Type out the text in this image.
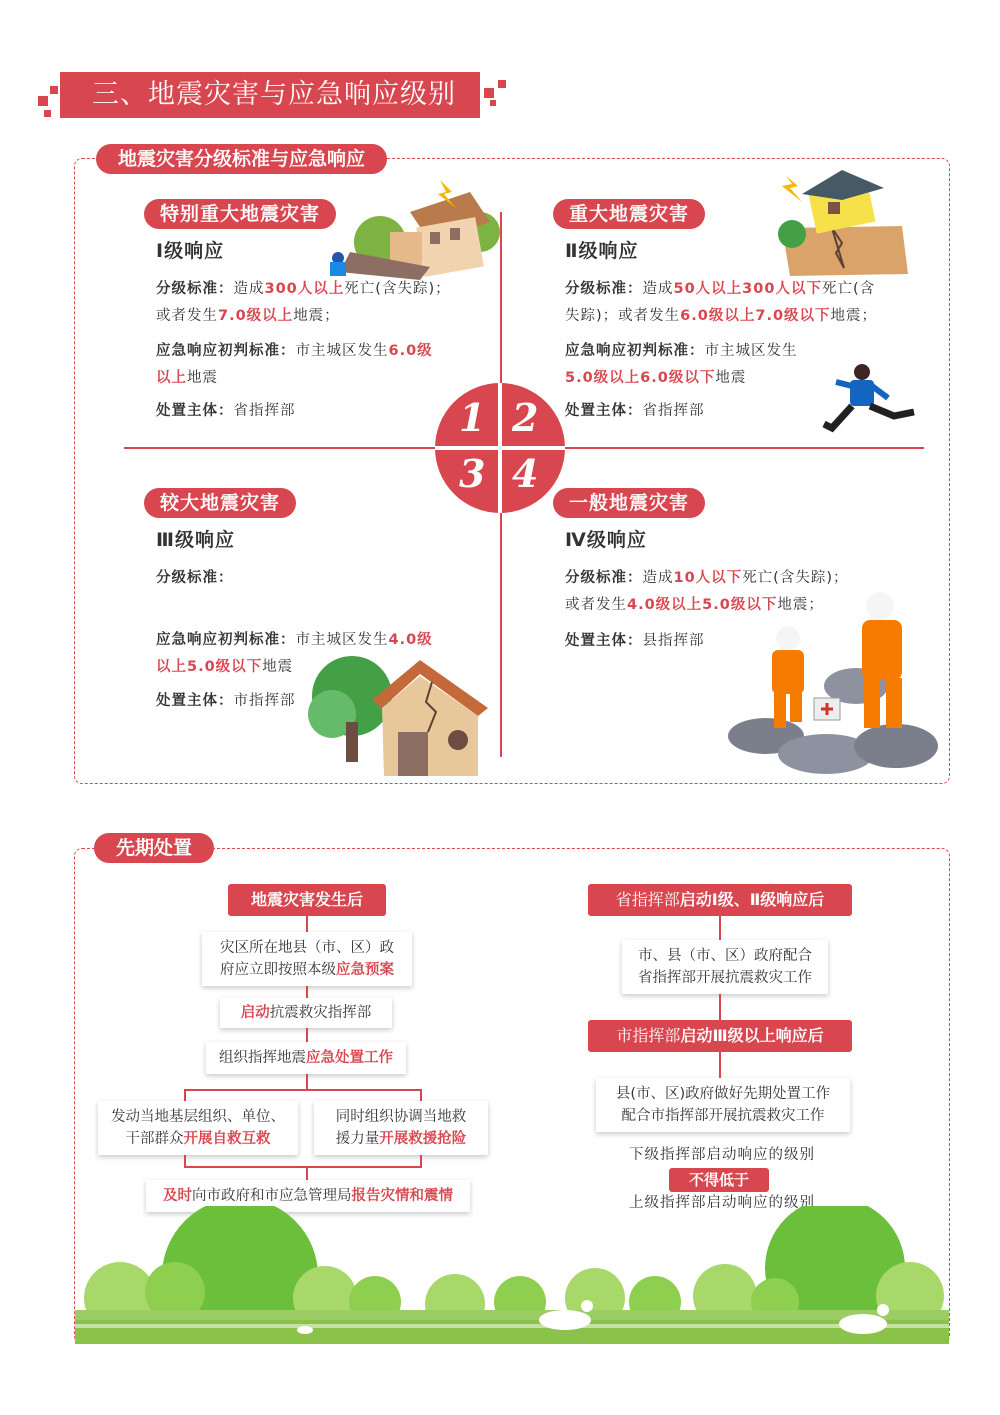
三、地震灾害与应急响应级别
地震灾害分级标准与应急响应
1 2
3 4
特别重大地震灾害
Ⅰ级响应
分级标准：造成300人以上死亡(含失踪)；
或者发生7.0级以上地震；
应急响应初判标准：市主城区发生6.0级
以上地震
处置主体：省指挥部
重大地震灾害
Ⅱ级响应
分级标准：造成50人以上300人以下死亡(含
失踪)；或者发生6.0级以上7.0级以下地震；
应急响应初判标准：市主城区发生
5.0级以上6.0级以下地震
处置主体：省指挥部
较大地震灾害
Ⅲ级响应
分级标准：
应急响应初判标准：市主城区发生4.0级
以上5.0级以下地震
处置主体：市指挥部
一般地震灾害
Ⅳ级响应
分级标准：造成10人以下死亡(含失踪)；
或者发生4.0级以上5.0级以下地震；
处置主体：县指挥部
先期处置
地震灾害发生后
灾区所在地县（市、区）政
府应立即按照本级应急预案
启动抗震救灾指挥部
组织指挥地震应急处置工作
发动当地基层组织、单位、
干部群众开展自救互救
同时组织协调当地救
援力量开展救援抢险
及时向市政府和市应急管理局报告灾情和震情
省指挥部启动Ⅰ级、Ⅱ级响应后
市、县（市、区）政府配合
省指挥部开展抗震救灾工作
市指挥部启动Ⅲ级以上响应后
县(市、区)政府做好先期处置工作
配合市指挥部开展抗震救灾工作
下级指挥部启动响应的级别
不得低于
上级指挥部启动响应的级别
